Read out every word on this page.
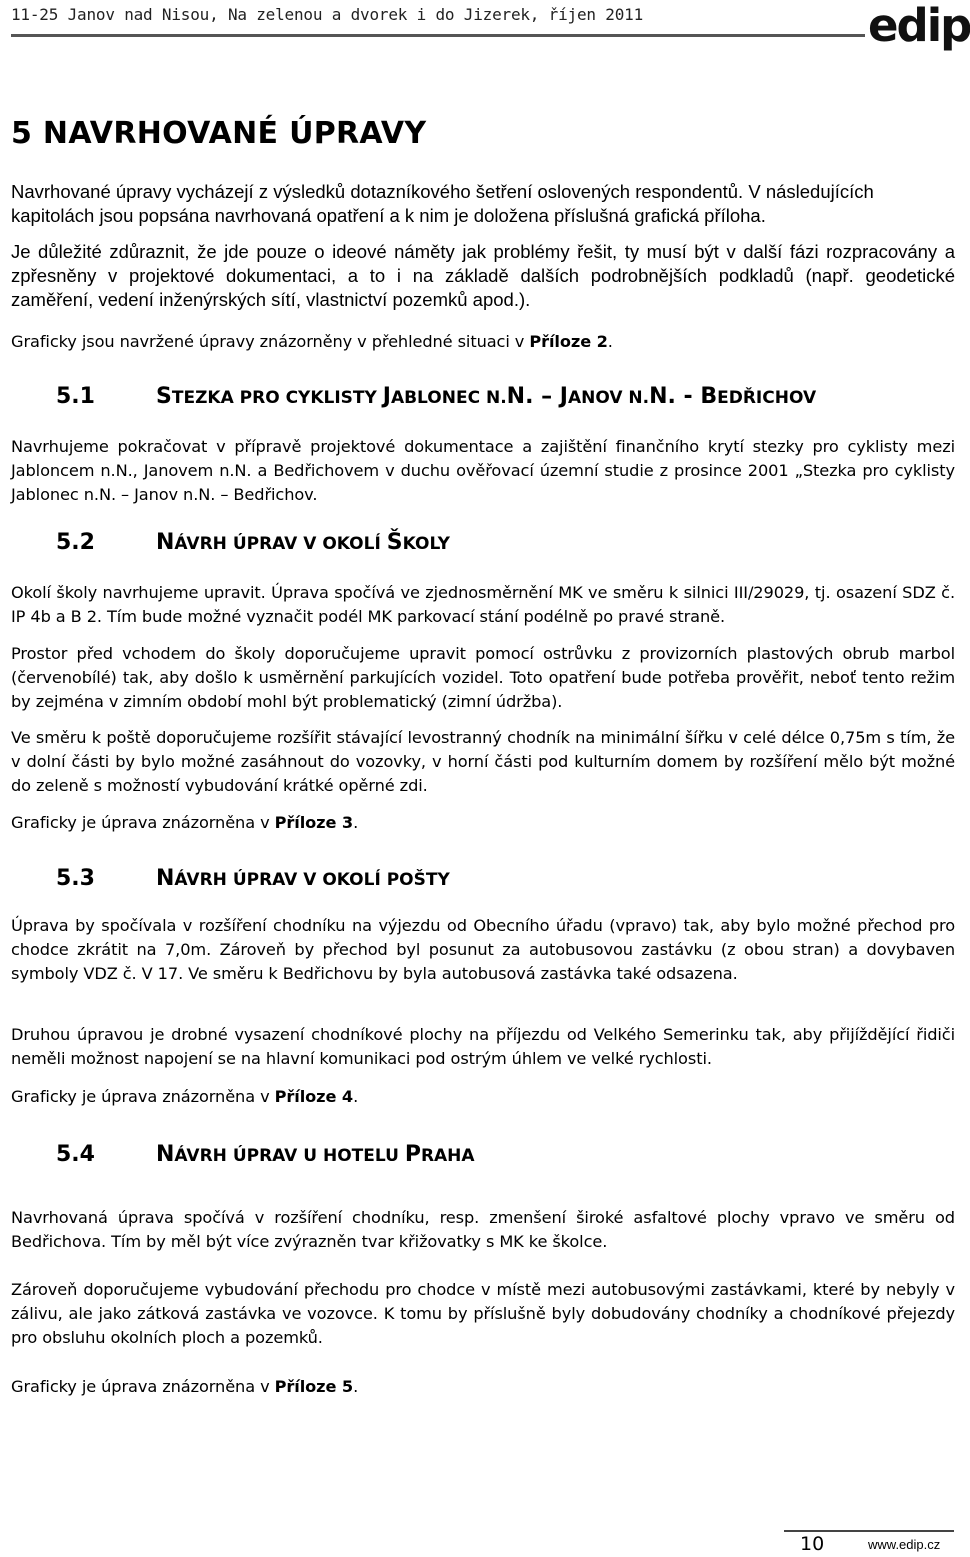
11-25 Janov nad Nisou, Na zelenou a dvorek i do Jizerek, říjen 2011	edip
5 NAVRHOVANÉ ÚPRAVY

Navrhované úpravy vycházejí z výsledků dotazníkového šetření oslovených respondentů. V následujících kapitolách jsou popsána navrhovaná opatření a k nim je doložena příslušná grafická příloha.

Je důležité zdůraznit, že jde pouze o ideové náměty jak problémy řešit, ty musí být v další fázi rozpracovány a zpřesněny v projektové dokumentaci, a to i na základě dalších podrobnějších podkladů (např. geodetické zaměření, vedení inženýrských sítí, vlastnictví pozemků apod.).

Graficky jsou navržené úpravy znázorněny v přehledné situaci v Příloze 2.

5.1	STEZKA PRO CYKLISTY JABLONEC N.N. – JANOV N.N. - BEDŘICHOV

Navrhujeme pokračovat v přípravě projektové dokumentace a zajištění finančního krytí stezky pro cyklisty mezi Jabloncem n.N., Janovem n.N. a Bedřichovem v duchu ověřovací územní studie z prosince 2001 „Stezka pro cyklisty Jablonec n.N. – Janov n.N. – Bedřichov.

5.2	NÁVRH ÚPRAV V OKOLÍ ŠKOLY

Okolí školy navrhujeme upravit. Úprava spočívá ve zjednosměrnění MK ve směru k silnici III/29029, tj. osazení SDZ č. IP 4b a B 2. Tím bude možné vyznačit podél MK parkovací stání podélně po pravé straně.

Prostor před vchodem do školy doporučujeme upravit pomocí ostrůvku z provizorních plastových obrub marbol (červenobílé) tak, aby došlo k usměrnění parkujících vozidel. Toto opatření bude potřeba prověřit, neboť tento režim by zejména v zimním období mohl být problematický (zimní údržba).

Ve směru k poště doporučujeme rozšířit stávající levostranný chodník na minimální šířku v celé délce 0,75m s tím, že v dolní části by bylo možné zasáhnout do vozovky, v horní části pod kulturním domem by rozšíření mělo být možné do zeleně s možností vybudování krátké opěrné zdi.

Graficky je úprava znázorněna v Příloze 3.

5.3	NÁVRH ÚPRAV V OKOLÍ POŠTY

Úprava by spočívala v rozšíření chodníku na výjezdu od Obecního úřadu (vpravo) tak, aby bylo možné přechod pro chodce zkrátit na 7,0m. Zároveň by přechod byl posunut za autobusovou zastávku (z obou stran) a dovybaven symboly VDZ č. V 17. Ve směru k Bedřichovu by byla autobusová zastávka také odsazena.

Druhou úpravou je drobné vysazení chodníkové plochy na příjezdu od Velkého Semerinku tak, aby přijíždějící řidiči neměli možnost napojení se na hlavní komunikaci pod ostrým úhlem ve velké rychlosti.

Graficky je úprava znázorněna v Příloze 4.

5.4	NÁVRH ÚPRAV U HOTELU PRAHA

Navrhovaná úprava spočívá v rozšíření chodníku, resp. zmenšení široké asfaltové plochy vpravo ve směru od Bedřichova. Tím by měl být více zvýrazněn tvar křižovatky s MK ke školce.

Zároveň doporučujeme vybudování přechodu pro chodce v místě mezi autobusovými zastávkami, které by nebyly v zálivu, ale jako zátková zastávka ve vozovce. K tomu by příslušně byly dobudovány chodníky a chodníkové přejezdy pro obsluhu okolních ploch a pozemků.

Graficky je úprava znázorněna v Příloze 5.

10	www.edip.cz
